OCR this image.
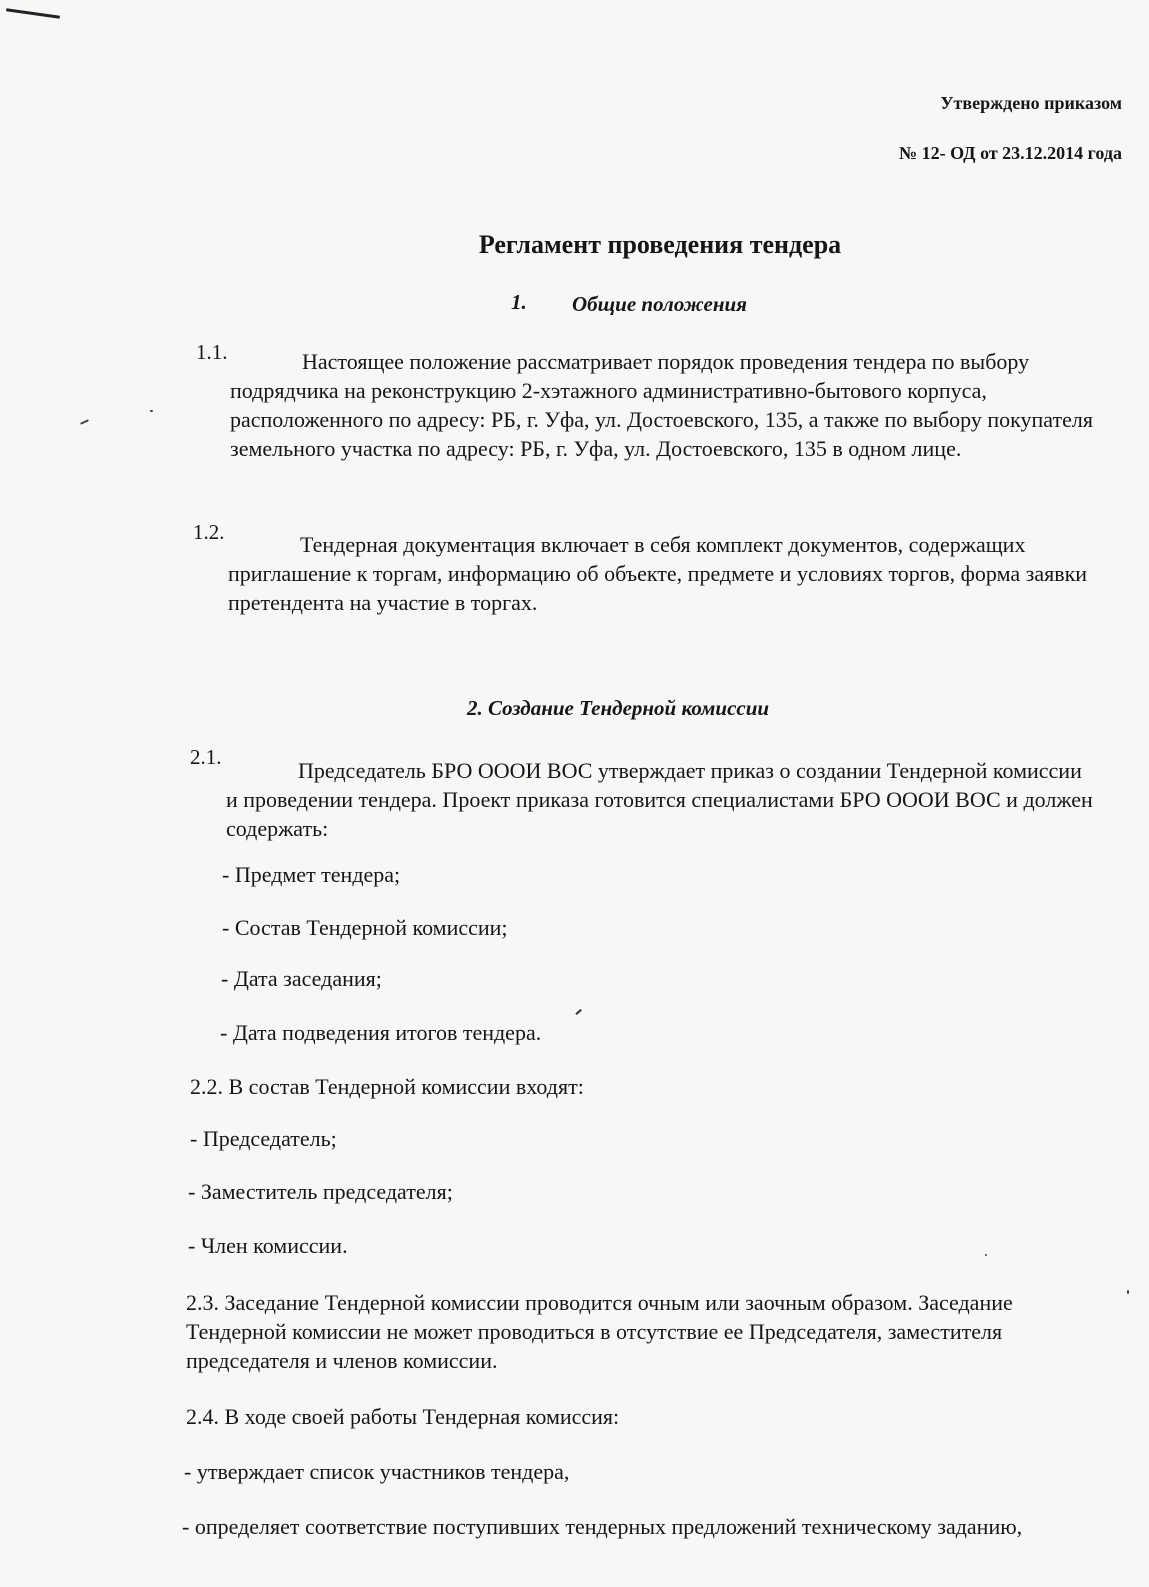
Утверждено приказом
№ 12- ОД от 23.12.2014 года
Регламент проведения тендера
1. Общие положения
1.1.	Настоящее положение рассматривает порядок проведения тендера по выбору подрядчика на реконструкцию 2-хэтажного административно-бытового корпуса, расположенного по адресу: РБ, г. Уфа, ул. Достоевского, 135, а также по выбору покупателя земельного участка по адресу: РБ, г. Уфа, ул. Достоевского, 135 в одном лице.
1.2.	Тендерная документация включает в себя комплект документов, содержащих приглашение к торгам, информацию об объекте, предмете и условиях торгов, форма заявки претендента на участие в торгах.
2. Создание Тендерной комиссии
2.1.
Председатель БРО ОООИ ВОС утверждает приказ о создании Тендерной комиссии и проведении тендера. Проект приказа готовится специалистами БРО ОООИ ВОС и должен содержать:
- Предмет тендера;
- Состав Тендерной комиссии;
- Дата заседания;
- Дата подведения итогов тендера.
2.2. В состав Тендерной комиссии входят:
- Председатель;
- Заместитель председателя;
- Член комиссии.
2.3. Заседание Тендерной комиссии проводится очным или заочным образом. Заседание Тендерной комиссии не может проводиться в отсутствие ее Председателя, заместителя председателя и членов комиссии.
2.4. В ходе своей работы Тендерная комиссия:
- утверждает список участников тендера,
- определяет соответствие поступивших тендерных предложений техническому заданию,
